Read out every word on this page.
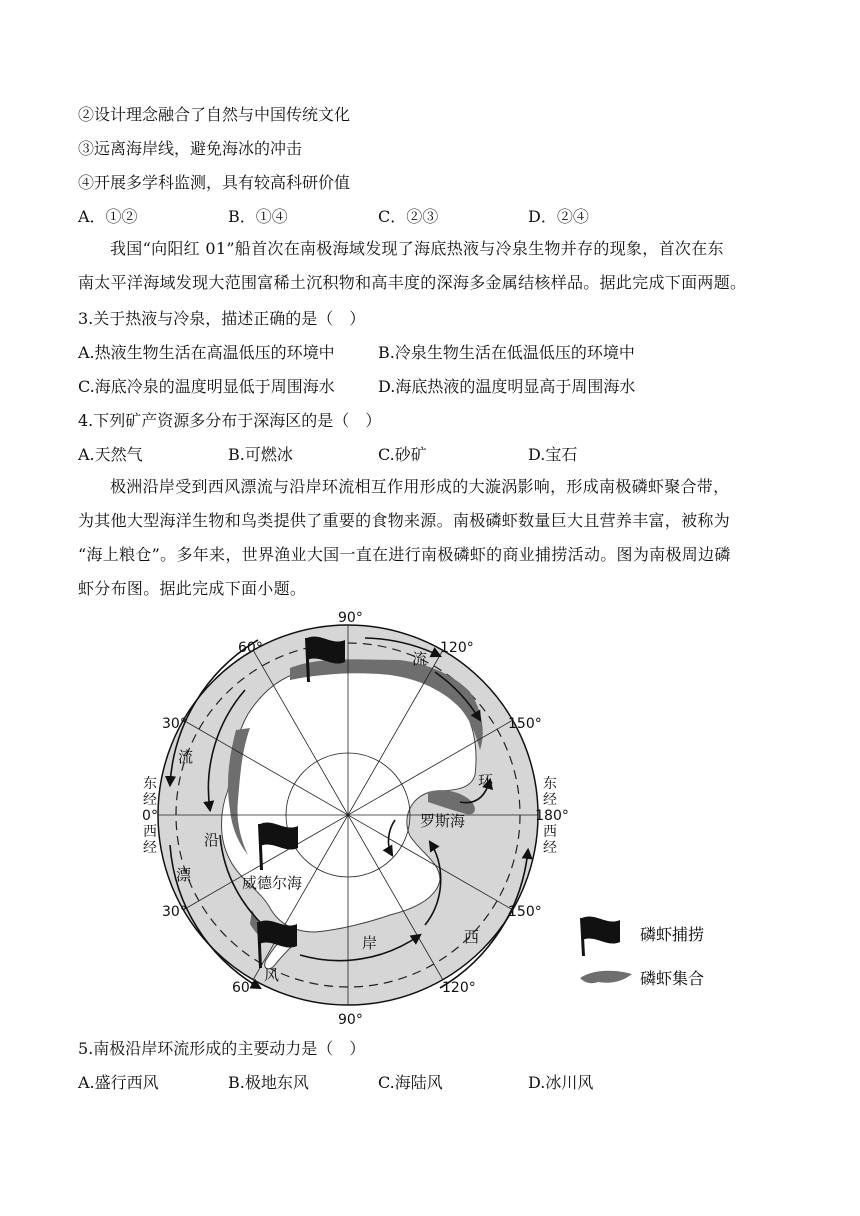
②设计理念融合了自然与中国传统文化
③远离海岸线，避免海冰的冲击
④开展多学科监测，具有较高科研价值
A．①②	B．①④	C．②③	D．②④

我国“向阳红 01”船首次在南极海域发现了海底热液与冷泉生物并存的现象，首次在东

南太平洋海域发现大范围富稀土沉积物和高丰度的深海多金属结核样品。据此完成下面两题。

3.关于热液与冷泉，描述正确的是（　）
A.热液生物生活在高温低压的环境中	B.冷泉生物生活在低温低压的环境中
C.海底冷泉的温度明显低于周围海水	D.海底热液的温度明显高于周围海水
4.下列矿产资源多分布于深海区的是（　）
A.天然气	B.可燃冰	C.砂矿	D.宝石

极洲沿岸受到西风漂流与沿岸环流相互作用形成的大漩涡影响，形成南极磷虾聚合带，

为其他大型海洋生物和鸟类提供了重要的食物来源。南极磷虾数量巨大且营养丰富，被称为

“海上粮仓”。多年来，世界渔业大国一直在进行南极磷虾的商业捕捞活动。图为南极周边磷

虾分布图。据此完成下面小题。

90°
90°
60°	120°
30°	150°
30°	150°
60°	120°
东
经
0°
西
经
东
经
180°
西
经
流
流
沿
漂
风
岸	西
环
罗斯海
威德尔海
磷虾捕捞
磷虾集合
5.南极沿岸环流形成的主要动力是（　）
A.盛行西风	B.极地东风	C.海陆风	D.冰川风
